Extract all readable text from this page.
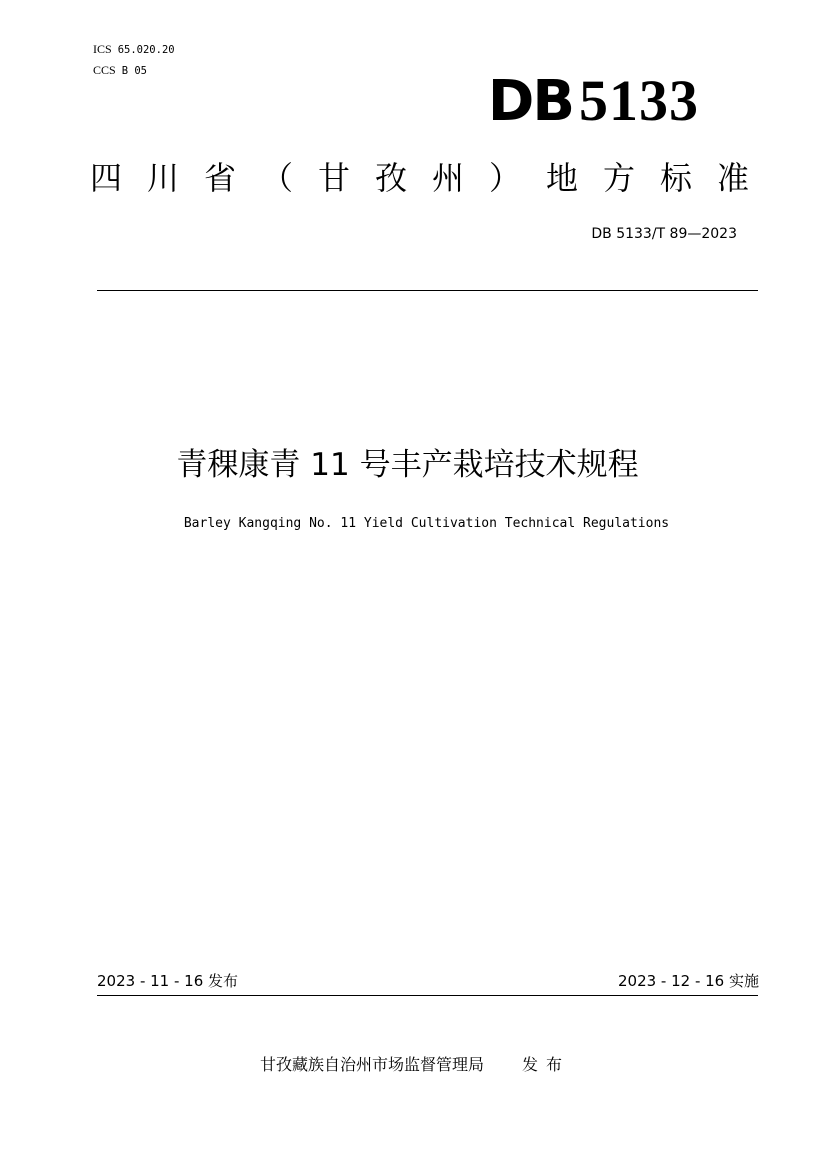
ICS 65.020.20
CCS B 05	DB 5133
四川省（甘孜州）地方标准
DB 5133/T 89—2023
青稞康青 11 号丰产栽培技术规程
Barley Kangqing No. 11 Yield Cultivation Technical Regulations
2023 - 11 - 16 发布	2023 - 12 - 16 实施
甘孜藏族自治州市场监督管理局 发布
